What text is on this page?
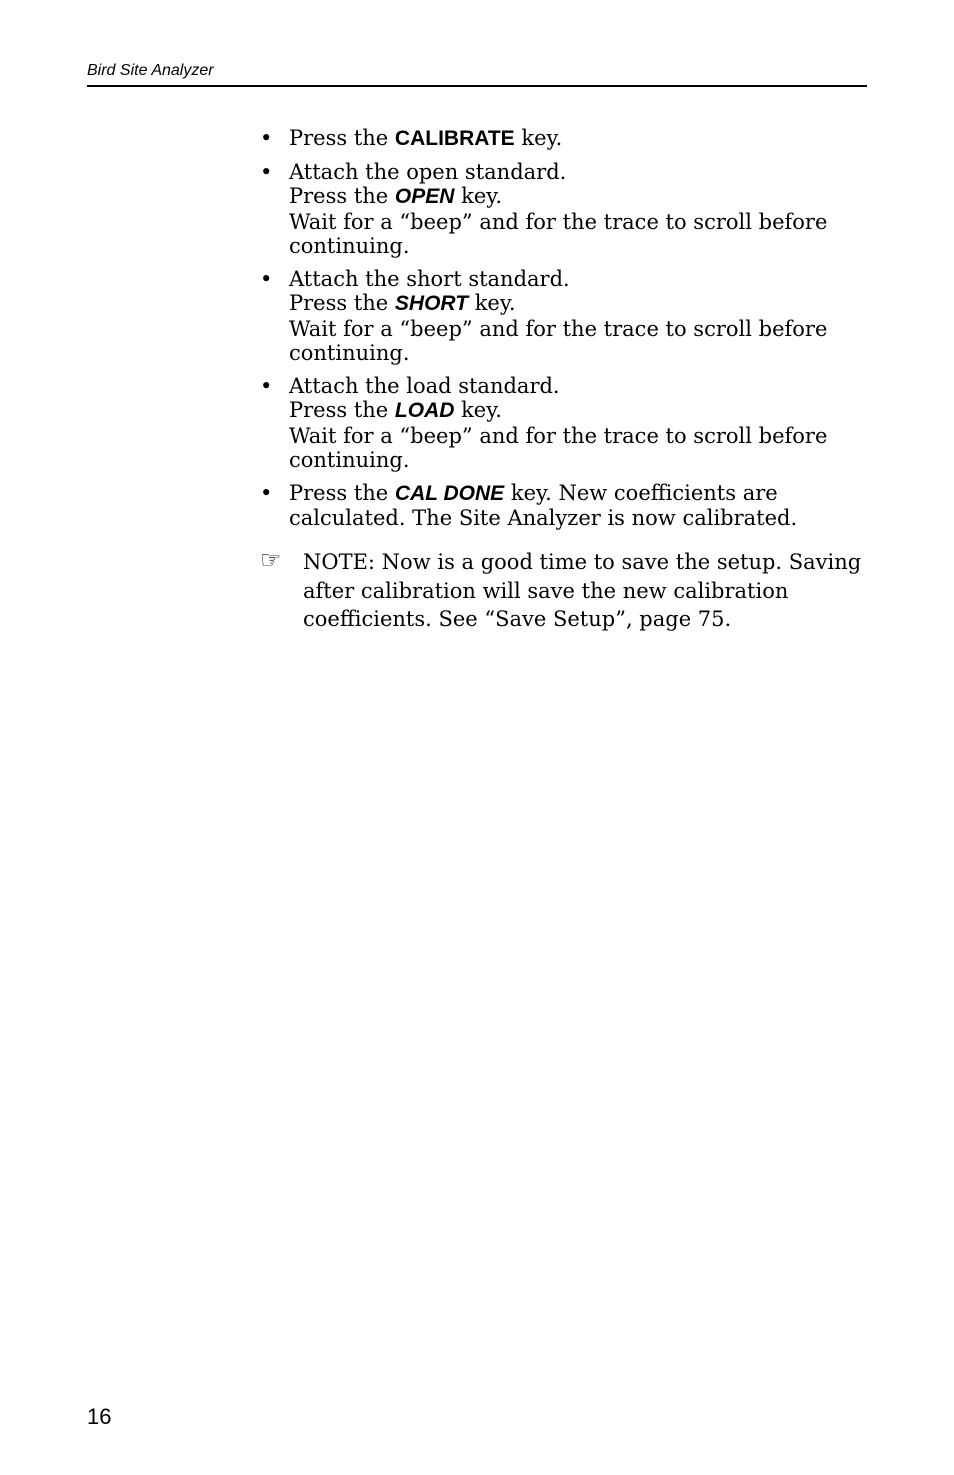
Bird Site Analyzer
• Press the CALIBRATE key.
• Attach the open standard.
Press the OPEN key.
Wait for a “beep” and for the trace to scroll before continuing.
• Attach the short standard.
Press the SHORT key.
Wait for a “beep” and for the trace to scroll before continuing.
• Attach the load standard.
Press the LOAD key.
Wait for a “beep” and for the trace to scroll before continuing.
• Press the CAL DONE key. New coefficients are calculated. The Site Analyzer is now calibrated.
☞	NOTE: Now is a good time to save the setup. Saving after calibration will save the new calibration coefficients. See “Save Setup”, page 75.
16
